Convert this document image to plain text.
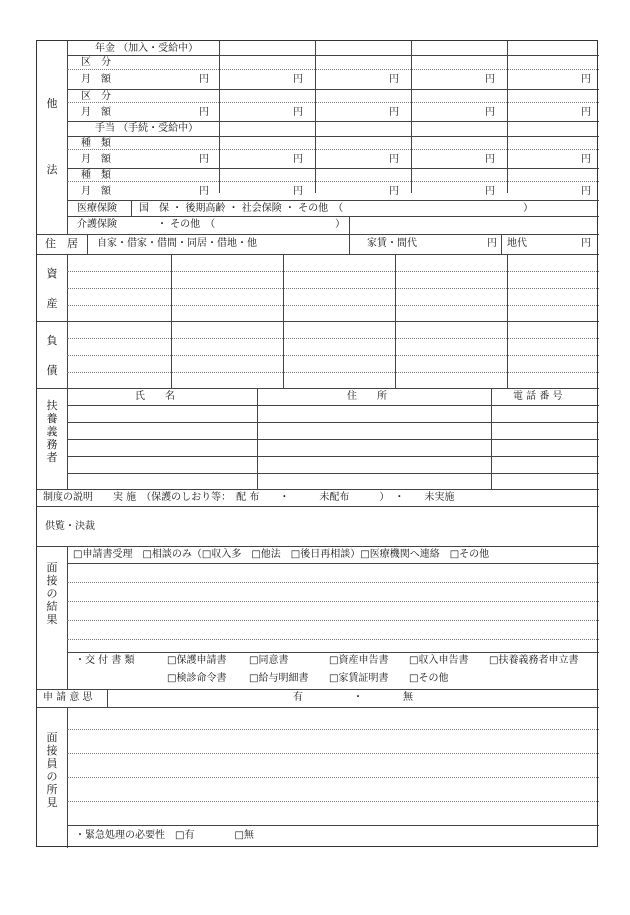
他
法
年金 （加入・受給中）
区　分
月　額	円	円	円	円	円
区　分
月　額	円	円	円	円	円
手当 （手続・受給中）
種　類
月　額	円	円	円	円	円
種　類
月　額	円	円	円	円	円
医療保険 国　保 ・ 後期高齢 ・ 社会保険 ・ その他　（　　　　　　　　　　　　　　　　　　）
介護保険	・ その他　（　　　　　　　　　　　　）
住　居 自家・借家・借間・同居・借地・他	家賃・間代	円 地代	円
資
産
負
債
扶
養
義
務
者
氏　　名	住　　所	電 話 番 号
制度の説明　　実 施　（保護のしおり等：　配 布　　・　　　未配布　　　）　・　　未実施
供覧・決裁
面
接
の
結
果
□申請書受理　□相談のみ（□収入多　□他法　□後日再相談）□医療機関へ連絡　□その他
・交 付 書 類	□保護申請書 □同意書	□資産申告書 □収入申告書 □扶養義務者申立書
□検診命令書 □給与明細書 □家賃証明書 □その他
申 請 意 思	有	・	無
面
接
員
の
所
見
・緊急処理の必要性　□有　　　　□無
